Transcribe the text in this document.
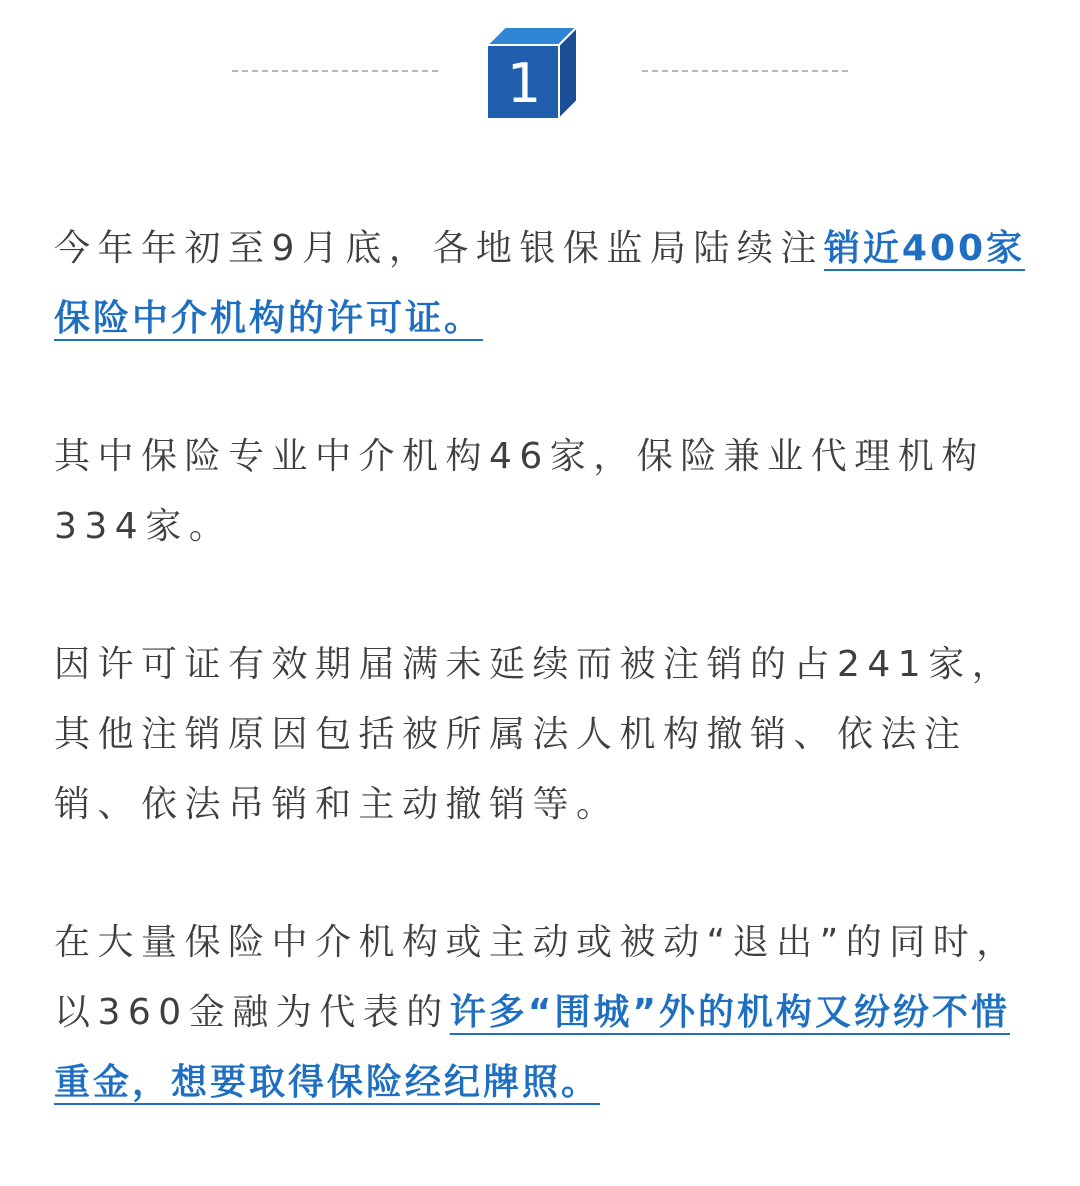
1

今年年初至9月底，各地银保监局陆续注销近400家保险中介机构的许可证。

其中保险专业中介机构46家，保险兼业代理机构334家。

因许可证有效期届满未延续而被注销的占241家，其他注销原因包括被所属法人机构撤销、依法注销、依法吊销和主动撤销等。

在大量保险中介机构或主动或被动“退出”的同时，以360金融为代表的许多“围城”外的机构又纷纷不惜重金，想要取得保险经纪牌照。
